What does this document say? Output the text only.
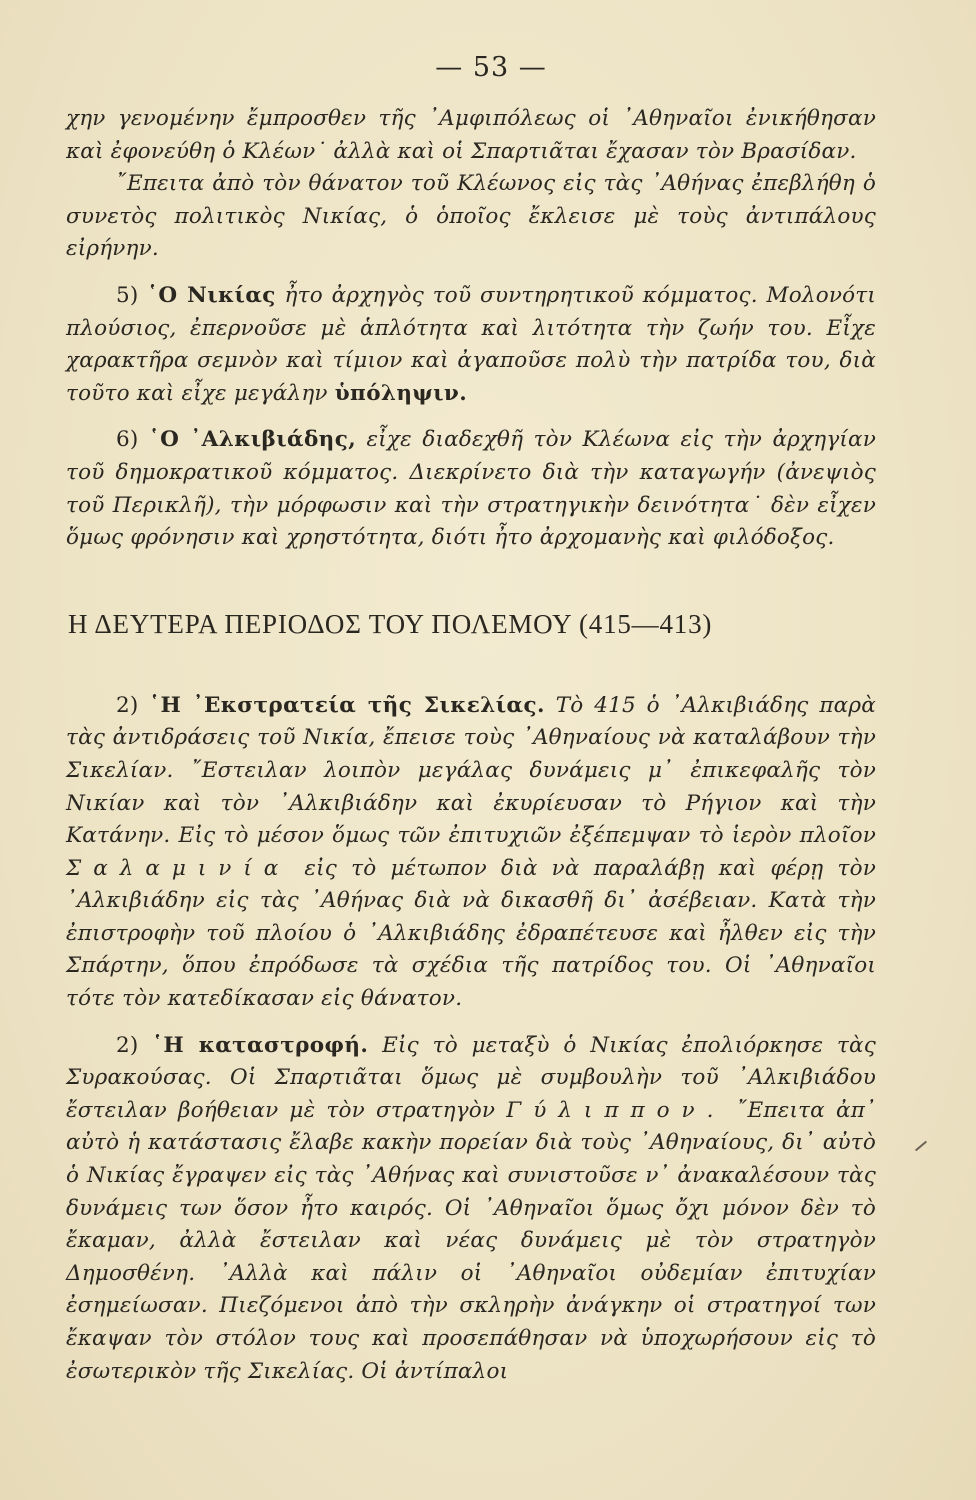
— 53 —

χην γενομένην ἔμπροσθεν τῆς ᾿Αμφιπόλεως οἱ ᾿Αθηναῖοι ἐνικήθησαν καὶ ἐφονεύθη ὁ Κλέων˙ ἀλλὰ καὶ οἱ Σπαρτιᾶται ἔχασαν τὸν Βρασίδαν.

῎Επειτα ἀπὸ τὸν θάνατον τοῦ Κλέωνος εἰς τὰς ᾿Αθήνας ἐπεβλήθη ὁ συνετὸς πολιτικὸς Νικίας, ὁ ὁποῖος ἔκλεισε μὲ τοὺς ἀντιπάλους εἰρήνην.

5) ῾Ο Νικίας ἦτο ἀρχηγὸς τοῦ συντηρητικοῦ κόμματος. Μολονότι πλούσιος, ἐπερνοῦσε μὲ ἁπλότητα καὶ λιτότητα τὴν ζωήν του. Εἶχε χαρακτῆρα σεμνὸν καὶ τίμιον καὶ ἀγαποῦσε πολὺ τὴν πατρίδα του, διὰ τοῦτο καὶ εἶχε μεγάλην ὑπόληψιν.

6) ῾Ο ᾿Αλκιβιάδης, εἶχε διαδεχθῆ τὸν Κλέωνα εἰς τὴν ἀρχηγίαν τοῦ δημοκρατικοῦ κόμματος. Διεκρίνετο διὰ τὴν καταγωγήν (ἀνεψιὸς τοῦ Περικλῆ), τὴν μόρφωσιν καὶ τὴν στρατηγικὴν δεινότητα˙ δὲν εἶχεν ὅμως φρόνησιν καὶ χρηστότητα, διότι ἦτο ἀρχομανὴς καὶ φιλόδοξος.

Η ΔΕΥΤΕΡΑ ΠΕΡΙΟΔΟΣ ΤΟΥ ΠΟΛΕΜΟΥ (415—413)

2) ῾Η ᾿Εκστρατεία τῆς Σικελίας. Τὸ 415 ὁ ᾿Αλκιβιάδης παρὰ τὰς ἀντιδράσεις τοῦ Νικία, ἔπεισε τοὺς ᾿Αθηναίους νὰ καταλάβουν τὴν Σικελίαν. ῎Εστειλαν λοιπὸν μεγάλας δυνάμεις μ᾿ ἐπικεφαλῆς τὸν Νικίαν καὶ τὸν ᾿Αλκιβιάδην καὶ ἐκυρίευσαν τὸ Ρήγιον καὶ τὴν Κατάνην. Εἰς τὸ μέσον ὅμως τῶν ἐπιτυχιῶν ἐξέπεμψαν τὸ ἱερὸν πλοῖον Σαλαμινία εἰς τὸ μέτωπον διὰ νὰ παραλάβῃ καὶ φέρῃ τὸν ᾿Αλκιβιάδην εἰς τὰς ᾿Αθήνας διὰ νὰ δικασθῆ δι᾿ ἀσέβειαν. Κατὰ τὴν ἐπιστροφὴν τοῦ πλοίου ὁ ᾿Αλκιβιάδης ἐδραπέτευσε καὶ ἦλθεν εἰς τὴν Σπάρτην, ὅπου ἐπρόδωσε τὰ σχέδια τῆς πατρίδος του. Οἱ ᾿Αθηναῖοι τότε τὸν κατεδίκασαν εἰς θάνατον.

2) ῾Η καταστροφή. Εἰς τὸ μεταξὺ ὁ Νικίας ἐπολιόρκησε τὰς Συρακούσας. Οἱ Σπαρτιᾶται ὅμως μὲ συμβουλὴν τοῦ ᾿Αλκιβιάδου ἔστειλαν βοήθειαν μὲ τὸν στρατηγὸν Γύλιππον. ῎Επειτα ἀπ᾿ αὐτὸ ἡ κατάστασις ἔλαβε κακὴν πορείαν διὰ τοὺς ᾿Αθηναίους, δι᾿ αὐτὸ ὁ Νικίας ἔγραψεν εἰς τὰς ᾿Αθήνας καὶ συνιστοῦσε ν᾿ ἀνακαλέσουν τὰς δυνάμεις των ὅσον ἦτο καιρός. Οἱ ᾿Αθηναῖοι ὅμως ὄχι μόνον δὲν τὸ ἔκαμαν, ἀλλὰ ἔστειλαν καὶ νέας δυνάμεις μὲ τὸν στρατηγὸν Δημοσθένη. ᾿Αλλὰ καὶ πάλιν οἱ ᾿Αθηναῖοι οὐδεμίαν ἐπιτυχίαν ἐσημείωσαν. Πιεζόμενοι ἀπὸ τὴν σκληρὴν ἀνάγκην οἱ στρατηγοί των ἔκαψαν τὸν στόλον τους καὶ προσεπάθησαν νὰ ὑποχωρήσουν εἰς τὸ ἐσωτερικὸν τῆς Σικελίας. Οἱ ἀντίπαλοι
